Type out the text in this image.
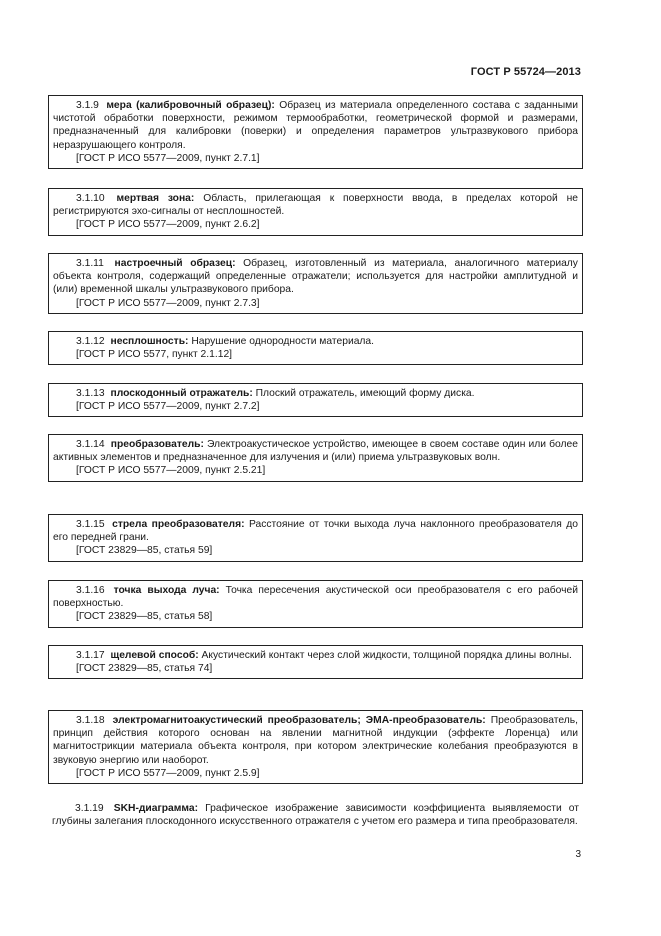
ГОСТ Р 55724—2013

3.1.9 мера (калибровочный образец): Образец из материала определенного состава с заданными чистотой обработки поверхности, режимом термообработки, геометрической формой и размерами, предназначенный для калибровки (поверки) и определения параметров ультразвукового прибора неразрушающего контроля.

[ГОСТ Р ИСО 5577—2009, пункт 2.7.1]

3.1.10 мертвая зона: Область, прилегающая к поверхности ввода, в пределах которой не регистрируются эхо-сигналы от несплошностей.

[ГОСТ Р ИСО 5577—2009, пункт 2.6.2]

3.1.11 настроечный образец: Образец, изготовленный из материала, аналогичного материалу объекта контроля, содержащий определенные отражатели; используется для настройки амплитудной и (или) временной шкалы ультразвукового прибора.

[ГОСТ Р ИСО 5577—2009, пункт 2.7.3]

3.1.12 несплошность: Нарушение однородности материала.

[ГОСТ Р ИСО 5577, пункт 2.1.12]

3.1.13 плоскодонный отражатель: Плоский отражатель, имеющий форму диска.

[ГОСТ Р ИСО 5577—2009, пункт 2.7.2]

3.1.14 преобразователь: Электроакустическое устройство, имеющее в своем составе один или более активных элементов и предназначенное для излучения и (или) приема ультразвуковых волн.

[ГОСТ Р ИСО 5577—2009, пункт 2.5.21]

3.1.15 стрела преобразователя: Расстояние от точки выхода луча наклонного преобразователя до его передней грани.

[ГОСТ 23829—85, статья 59]

3.1.16 точка выхода луча: Точка пересечения акустической оси преобразователя с его рабочей поверхностью.

[ГОСТ 23829—85, статья 58]

3.1.17 щелевой способ: Акустический контакт через слой жидкости, толщиной порядка длины волны.

[ГОСТ 23829—85, статья 74]

3.1.18 электромагнитоакустический преобразователь; ЭМА-преобразователь: Преобразователь, принцип действия которого основан на явлении магнитной индукции (эффекте Лоренца) или магнитострикции материала объекта контроля, при котором электрические колебания преобразуются в звуковую энергию или наоборот.

[ГОСТ Р ИСО 5577—2009, пункт 2.5.9]

3.1.19 SKH-диаграмма: Графическое изображение зависимости коэффициента выявляемости от глубины залегания плоскодонного искусственного отражателя с учетом его размера и типа преобразователя.

3
